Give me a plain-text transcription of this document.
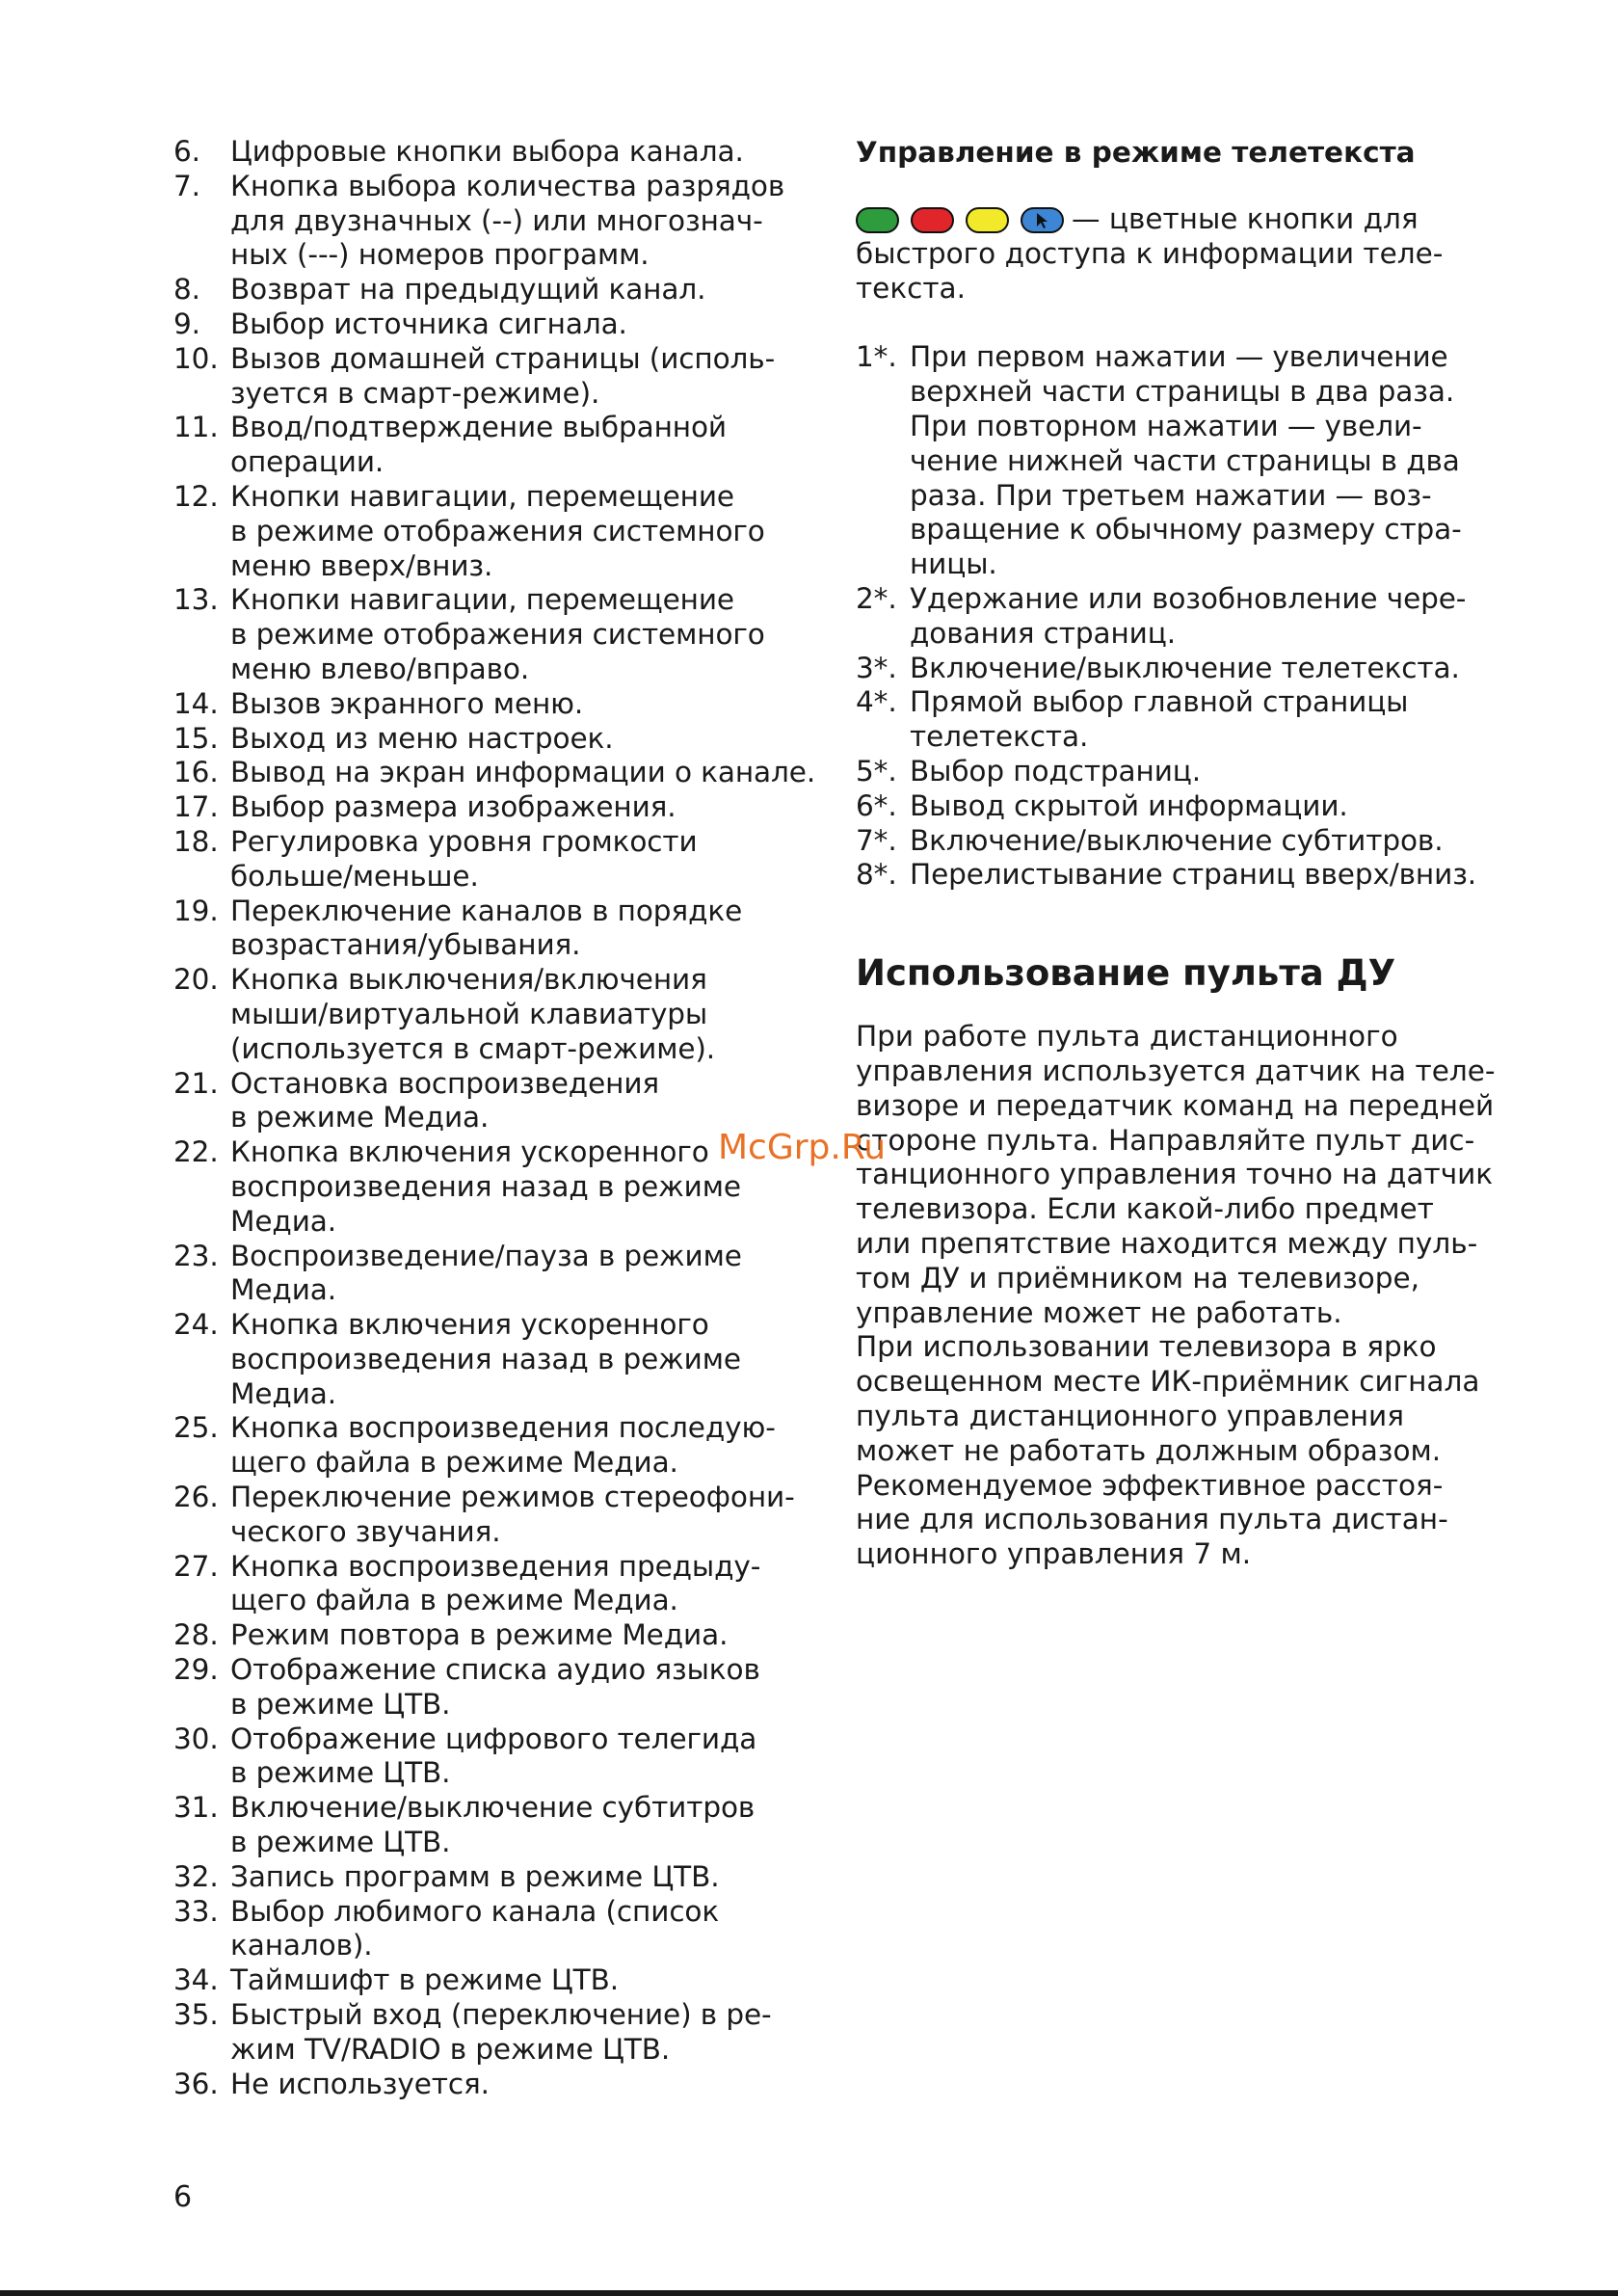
6.	Цифровые кнопки выбора канала.
7.	Кнопка выбора количества разрядов
для двузначных (--) или многознач-
ных (---) номеров программ.
8.	Возврат на предыдущий канал.
9.	Выбор источника сигнала.
10. Вызов домашней страницы (исполь-
зуется в смарт-режиме).
11. Ввод/подтверждение выбранной
операции.
12. Кнопки навигации, перемещение
в режиме отображения системного
меню вверх/вниз.
13. Кнопки навигации, перемещение
в режиме отображения системного
меню влево/вправо.
14. Вызов экранного меню.
15. Выход из меню настроек.
16. Вывод на экран информации о канале.
17. Выбор размера изображения.
18. Регулировка уровня громкости
больше/меньше.
19. Переключение каналов в порядке
возрастания/убывания.
20. Кнопка выключения/включения
мыши/виртуальной клавиатуры
(используется в смарт-режиме).
21. Остановка воспроизведения
в режиме Медиа.
22. Кнопка включения ускоренного
воспроизведения назад в режиме
Медиа.
23. Воспроизведение/пауза в режиме
Медиа.
24. Кнопка включения ускоренного
воспроизведения назад в режиме
Медиа.
25. Кнопка воспроизведения последую-
щего файла в режиме Медиа.
26. Переключение режимов стереофони-
ческого звучания.
27. Кнопка воспроизведения предыду-
щего файла в режиме Медиа.
28. Режим повтора в режиме Медиа.
29. Отображение списка аудио языков
в режиме ЦТВ.
30. Отображение цифрового телегида
в режиме ЦТВ.
31. Включение/выключение субтитров
в режиме ЦТВ.
32. Запись программ в режиме ЦТВ.
33. Выбор любимого канала (список
каналов).
34. Таймшифт в режиме ЦТВ.
35. Быстрый вход (переключение) в ре-
жим TV/RADIO в режиме ЦТВ.
36. Не используется.
Управление в режиме телетекста
— цветные кнопки для
быстрого доступа к информации теле-
текста.
1*. При первом нажатии — увеличение
верхней части страницы в два раза.
При повторном нажатии — увели-
чение нижней части страницы в два
раза. При третьем нажатии — воз-
вращение к обычному размеру стра-
ницы.
2*. Удержание или возобновление чере-
дования страниц.
3*. Включение/выключение телетекста.
4*. Прямой выбор главной страницы
телетекста.
5*. Выбор подстраниц.
6*. Вывод скрытой информации.
7*. Включение/выключение субтитров.
8*. Перелистывание страниц вверх/вниз.
Использование пульта ДУ
При работе пульта дистанционного
управления используется датчик на теле-
визоре и передатчик команд на передней
стороне пульта. Направляйте пульт дис-
танционного управления точно на датчик
телевизора. Если какой-либо предмет
или препятствие находится между пуль-
том ДУ и приёмником на телевизоре,
управление может не работать.
При использовании телевизора в ярко
освещенном месте ИК-приёмник сигнала
пульта дистанционного управления
может не работать должным образом.
Рекомендуемое эффективное расстоя-
ние для использования пульта дистан-
ционного управления 7 м.
McGrp.Ru
6
